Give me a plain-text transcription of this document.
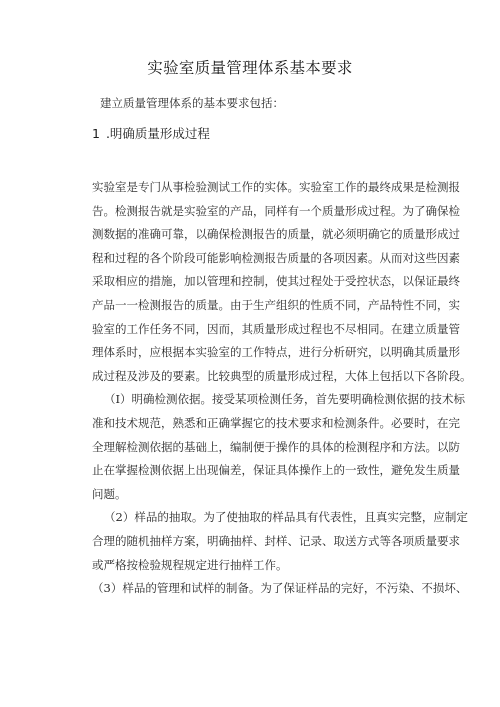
实验室质量管理体系基本要求
建立质量管理体系的基本要求包括：
1 .明确质量形成过程
实验室是专门从事检验测试工作的实体。实验室工作的最终成果是检测报
告。检测报告就是实验室的产品，同样有一个质量形成过程。为了确保检
测数据的准确可靠，以确保检测报告的质量，就必须明确它的质量形成过
程和过程的各个阶段可能影响检测报告质量的各项因素。从而对这些因素
采取相应的措施，加以管理和控制，使其过程处于受控状态，以保证最终
产品一一检测报告的质量。由于生产组织的性质不同，产品特性不同，实
验室的工作任务不同，因而，其质量形成过程也不尽相同。在建立质量管
理体系时，应根据本实验室的工作特点，进行分析研究，以明确其质量形
成过程及涉及的要素。比较典型的质量形成过程，大体上包括以下各阶段。
（I）明确检测依据。接受某项检测任务，首先要明确检测依据的技术标
准和技术规范，熟悉和正确掌握它的技术要求和检测条件。必要时，在完
全理解检测依据的基础上，编制便于操作的具体的检测程序和方法。以防
止在掌握检测依据上出现偏差，保证具体操作上的一致性，避免发生质量
问题。
（2）样品的抽取。为了使抽取的样品具有代表性，且真实完整，应制定
合理的随机抽样方案，明确抽样、封样、记录、取送方式等各项质量要求
或严格按检验规程规定进行抽样工作。
（3）样品的管理和试样的制备。为了保证样品的完好，不污染、不损坏、
